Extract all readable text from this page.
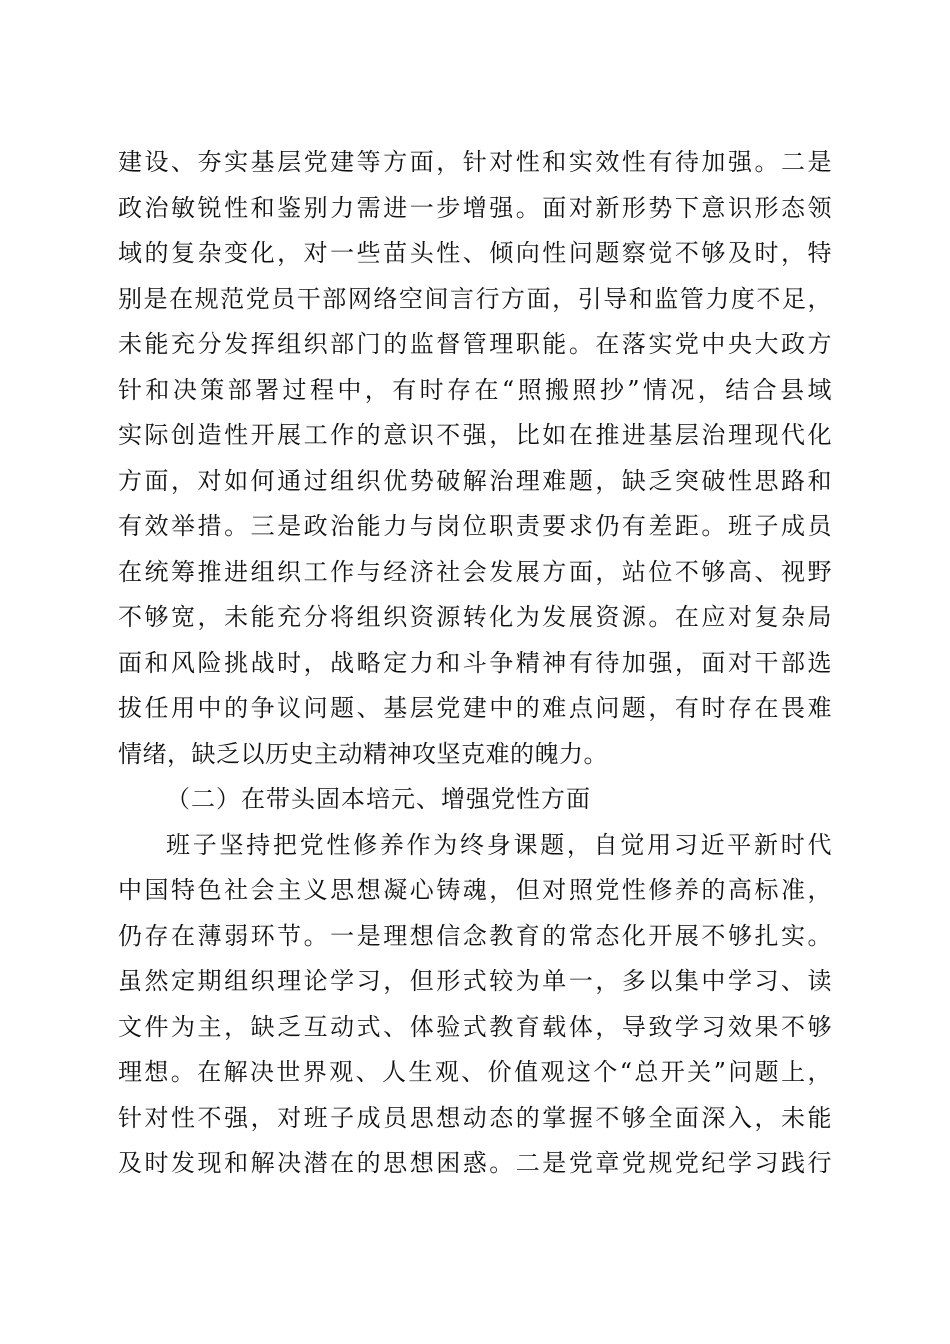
建设、夯实基层党建等方面，针对性和实效性有待加强。二是
政治敏锐性和鉴别力需进一步增强。面对新形势下意识形态领
域的复杂变化，对一些苗头性、倾向性问题察觉不够及时，特
别是在规范党员干部网络空间言行方面，引导和监管力度不足，
未能充分发挥组织部门的监督管理职能。在落实党中央大政方
针和决策部署过程中，有时存在“照搬照抄”情况，结合县域
实际创造性开展工作的意识不强，比如在推进基层治理现代化
方面，对如何通过组织优势破解治理难题，缺乏突破性思路和
有效举措。三是政治能力与岗位职责要求仍有差距。班子成员
在统筹推进组织工作与经济社会发展方面，站位不够高、视野
不够宽，未能充分将组织资源转化为发展资源。在应对复杂局
面和风险挑战时，战略定力和斗争精神有待加强，面对干部选
拔任用中的争议问题、基层党建中的难点问题，有时存在畏难
情绪，缺乏以历史主动精神攻坚克难的魄力。
（二）在带头固本培元、增强党性方面
班子坚持把党性修养作为终身课题，自觉用习近平新时代
中国特色社会主义思想凝心铸魂，但对照党性修养的高标准，
仍存在薄弱环节。一是理想信念教育的常态化开展不够扎实。
虽然定期组织理论学习，但形式较为单一，多以集中学习、读
文件为主，缺乏互动式、体验式教育载体，导致学习效果不够
理想。在解决世界观、人生观、价值观这个“总开关”问题上，
针对性不强，对班子成员思想动态的掌握不够全面深入，未能
及时发现和解决潜在的思想困惑。二是党章党规党纪学习践行
